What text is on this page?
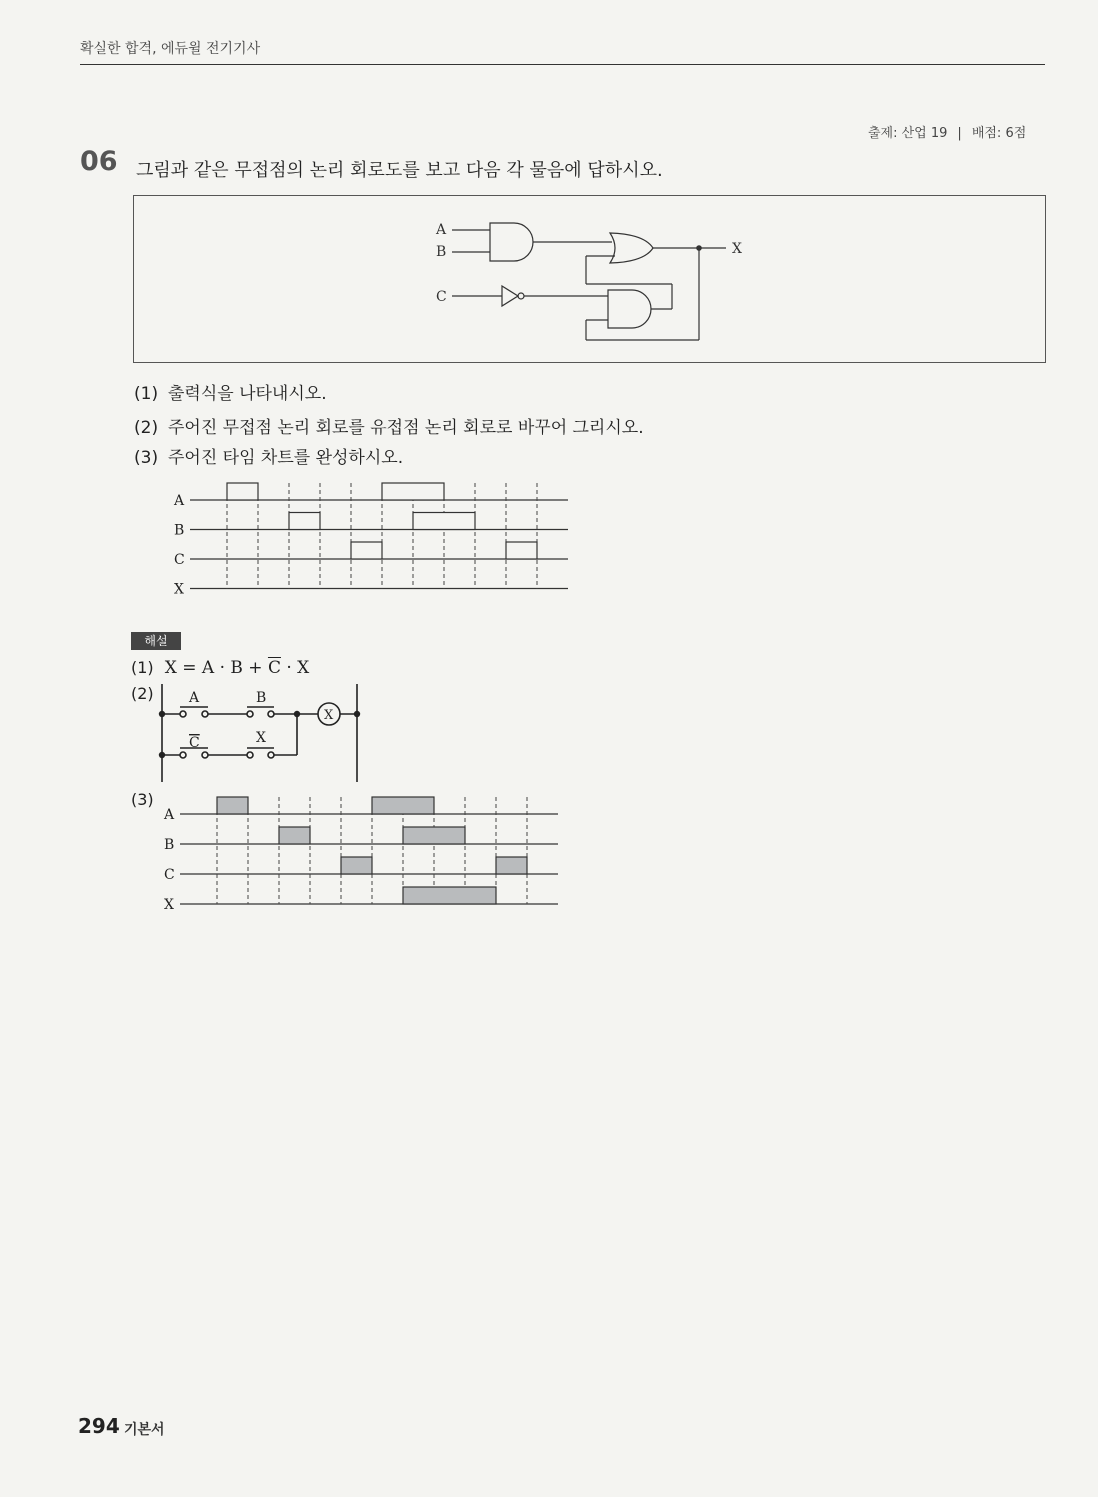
확실한 합격, 에듀윌 전기기사
출제: 산업 19 | 배점: 6점
06 그림과 같은 무접점의 논리 회로도를 보고 다음 각 물음에 답하시오.
A
B
C
X
(1) 출력식을 나타내시오.
(2) 주어진 무접점 논리 회로를 유접점 논리 회로로 바꾸어 그리시오.
(3) 주어진 타임 차트를 완성하시오.
A
B
C
X
해설
(1) $X = A \cdot B + \overline{C} \cdot X$
(2)	A	B
C	X
X
(3)
A
B
C
X
294 기본서
